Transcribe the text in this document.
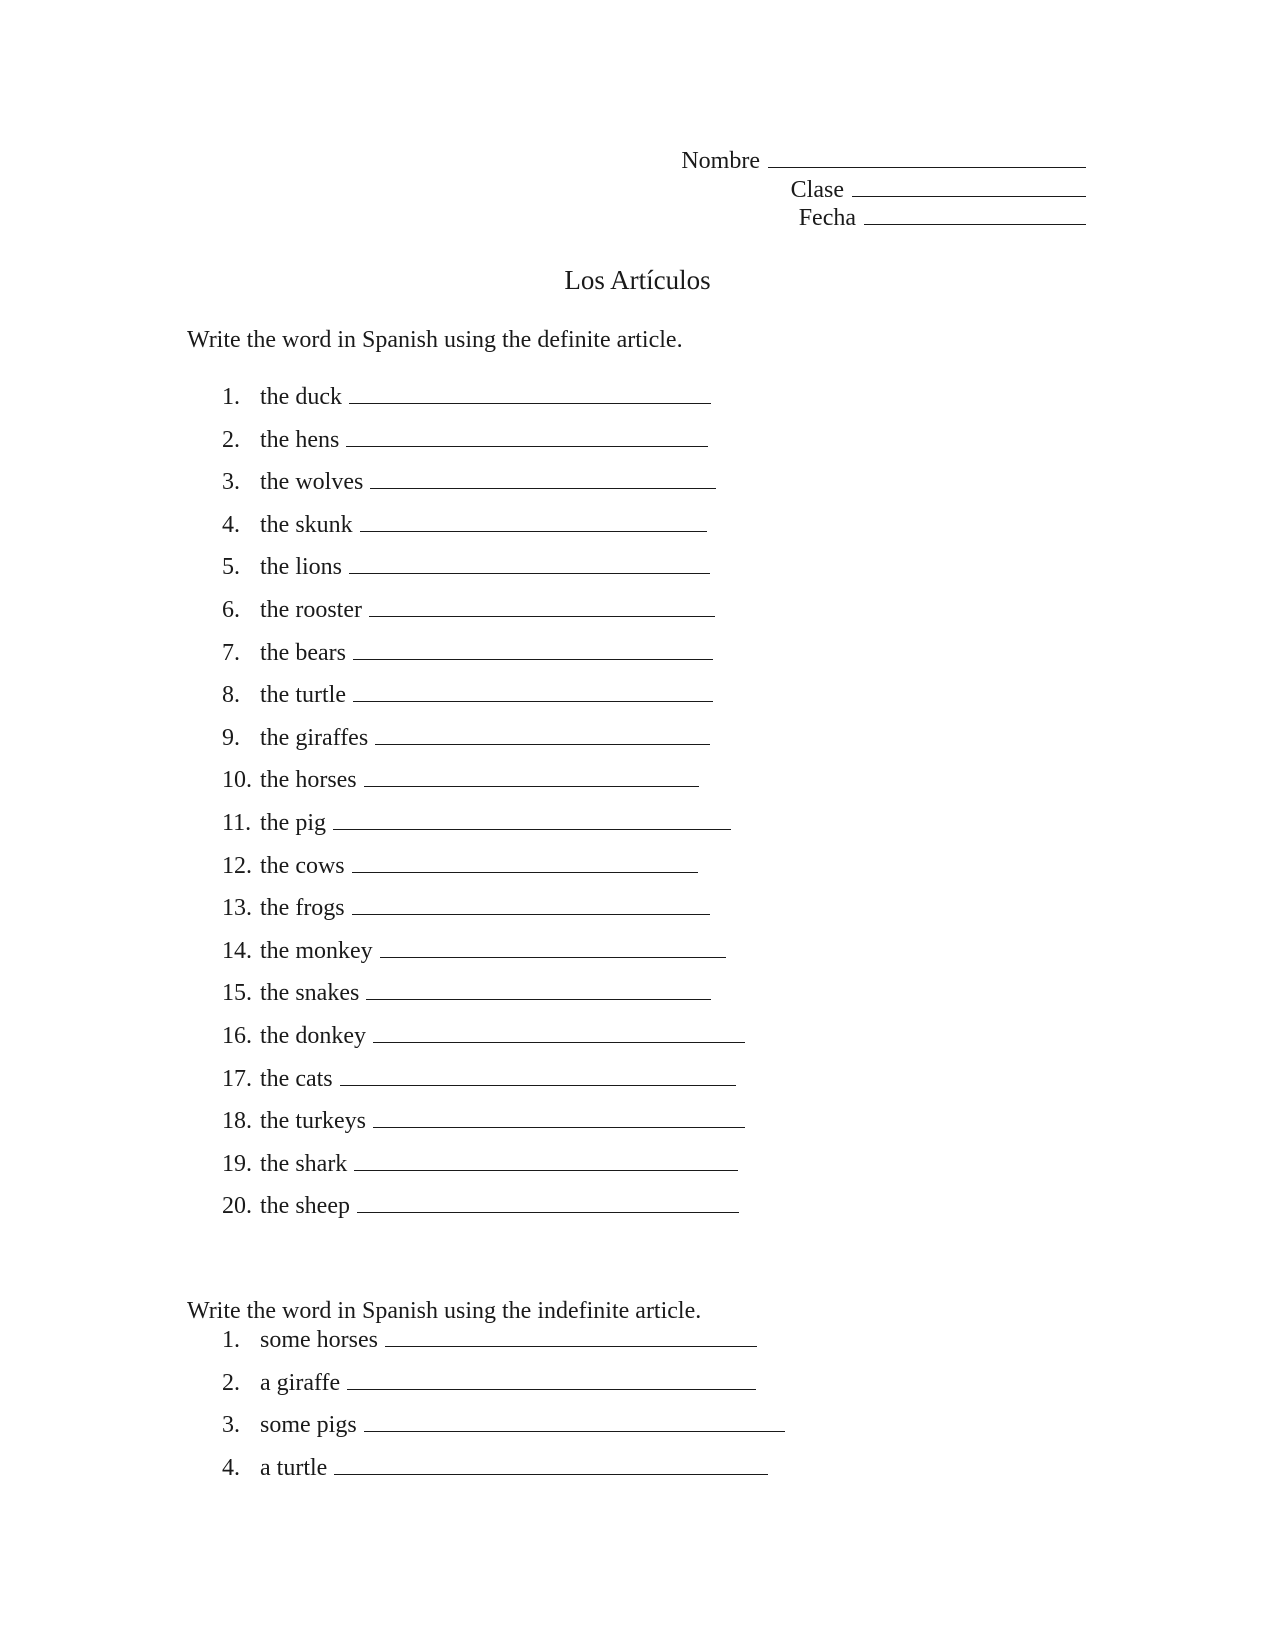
Nombre
Clase
Fecha
Los Artículos
Write the word in Spanish using the definite article.
1. the duck
2. the hens
3. the wolves
4. the skunk
5. the lions
6. the rooster
7. the bears
8. the turtle
9. the giraffes
10. the horses
11. the pig
12. the cows
13. the frogs
14. the monkey
15. the snakes
16. the donkey
17. the cats
18. the turkeys
19. the shark
20. the sheep
Write the word in Spanish using the indefinite article.
1. some horses
2. a giraffe
3. some pigs
4. a turtle
